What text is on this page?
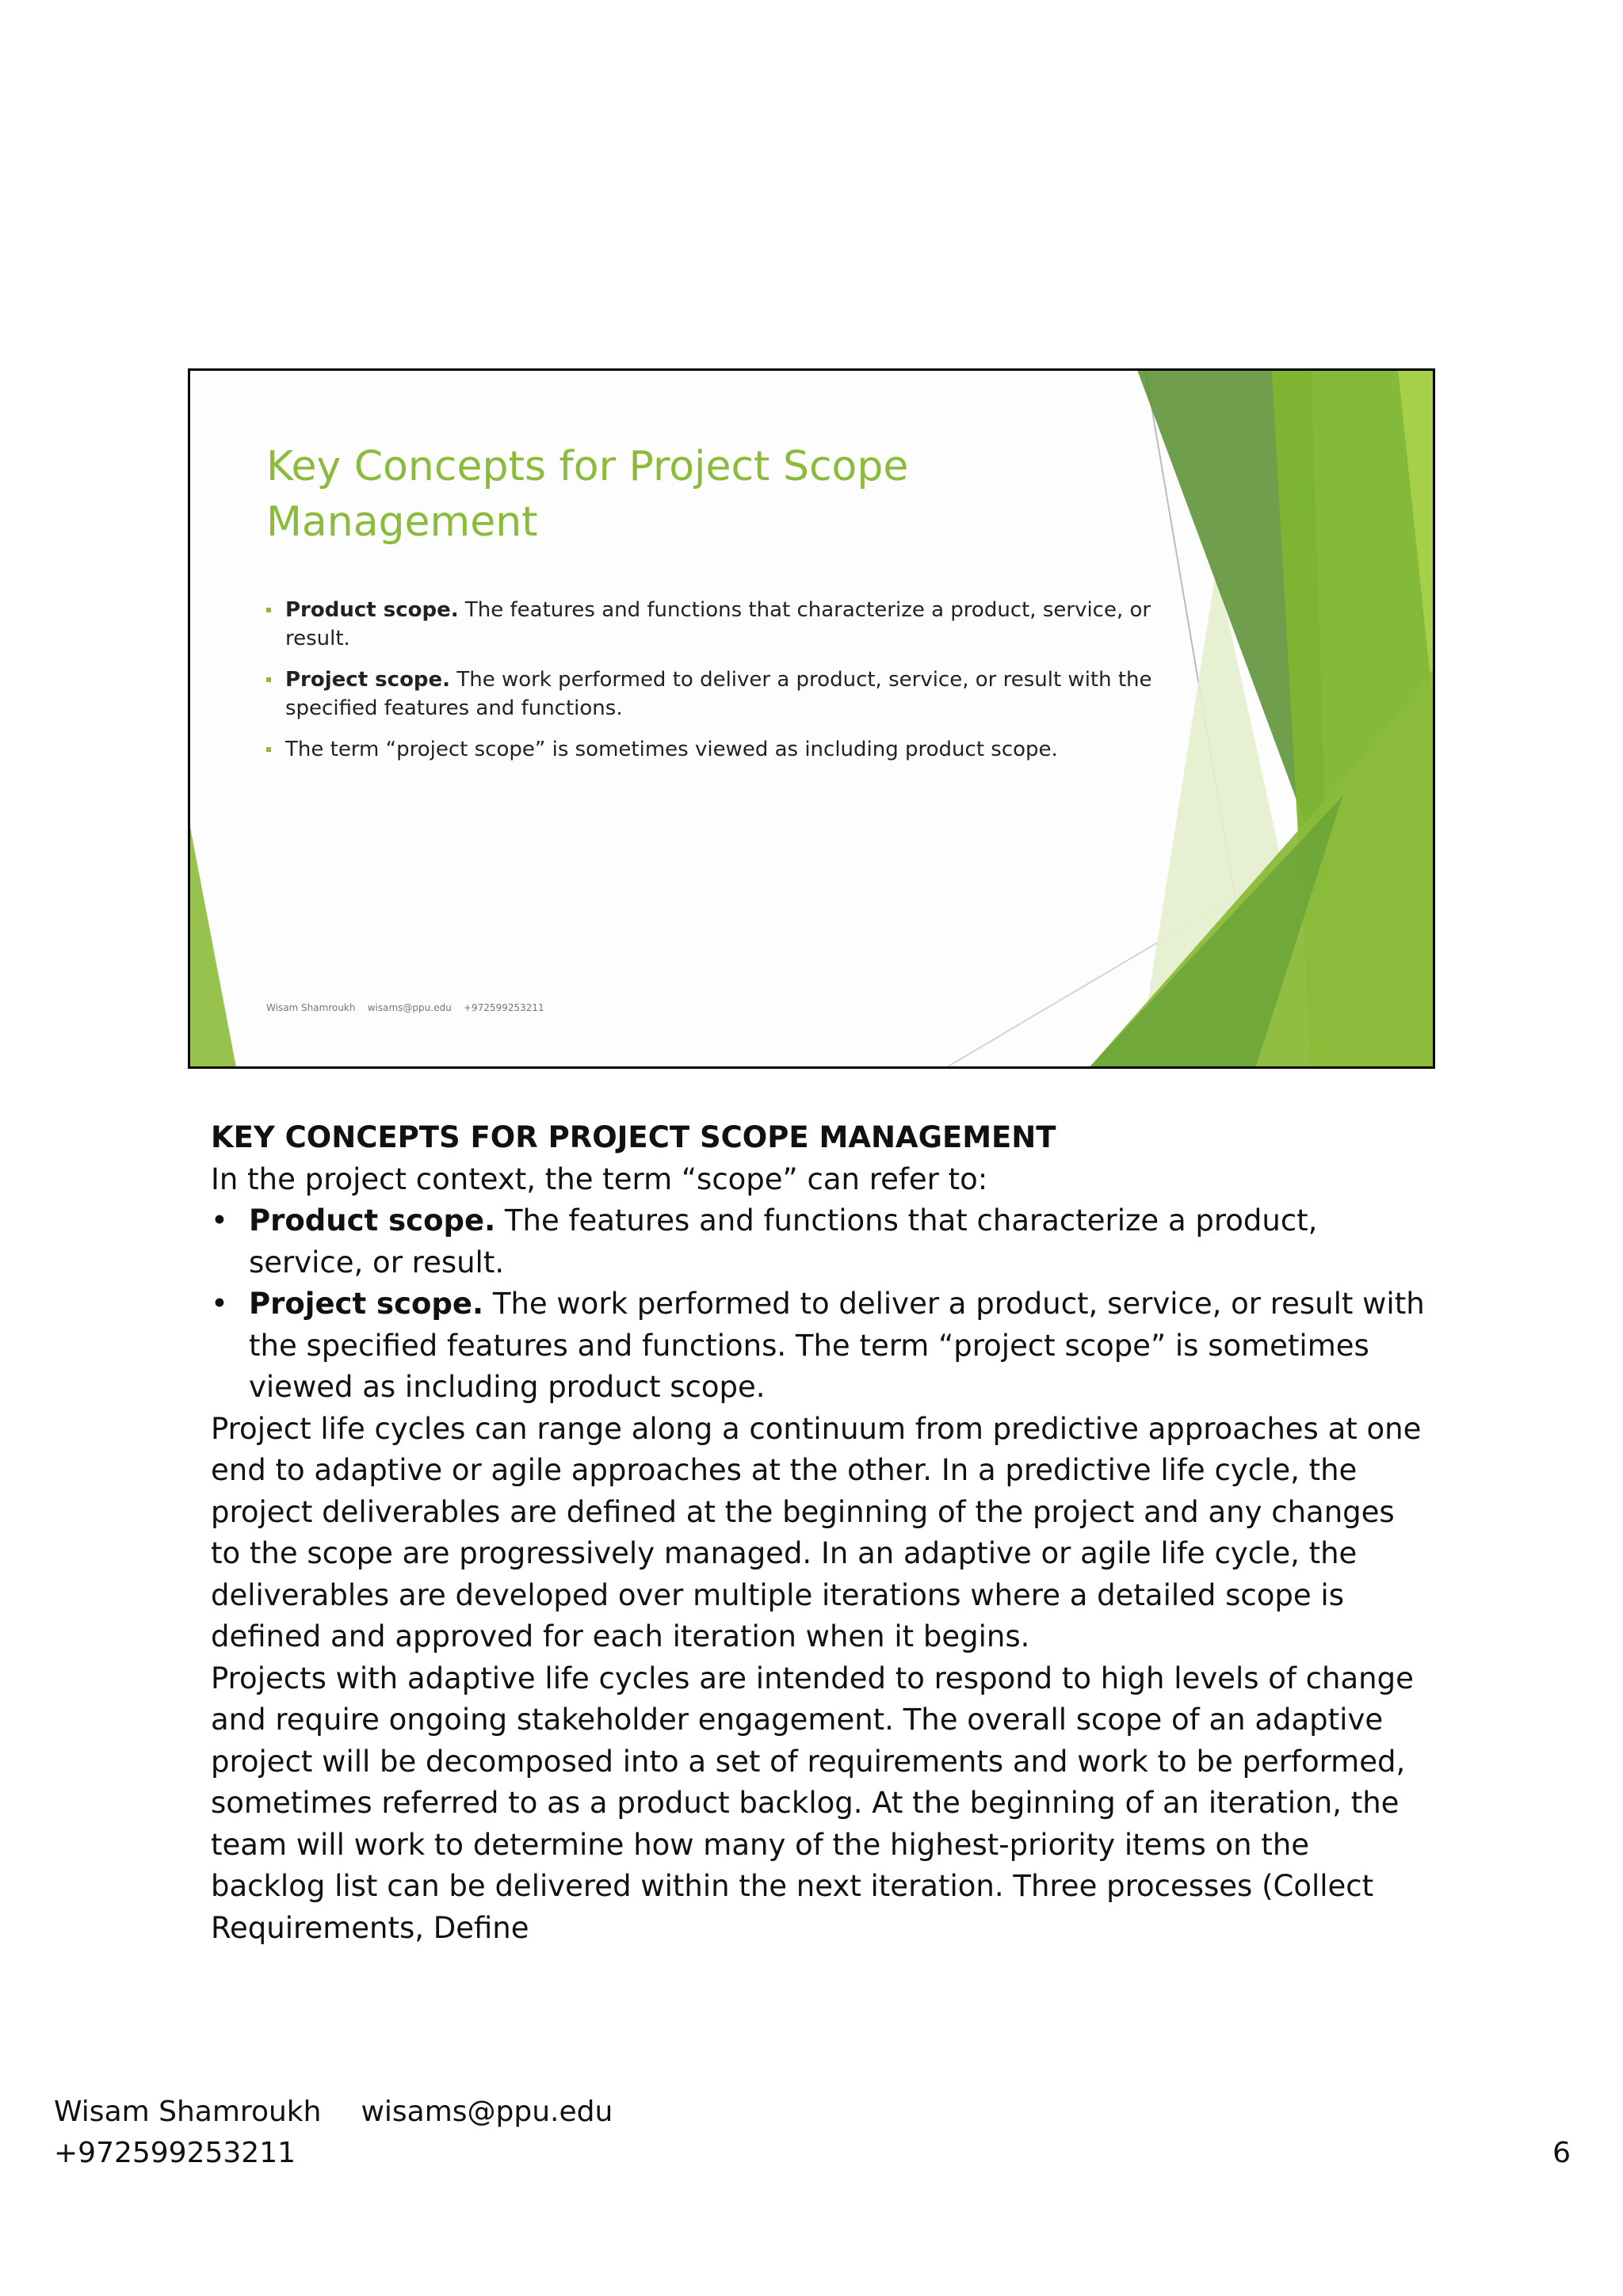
Key Concepts for Project Scope
Management
Product scope. The features and functions that characterize a product, service, or result.
Project scope. The work performed to deliver a product, service, or result with the specified features and functions.
The term “project scope” is sometimes viewed as including product scope.
Wisam Shamroukh    wisams@ppu.edu    +972599253211

KEY CONCEPTS FOR PROJECT SCOPE MANAGEMENT

In the project context, the term “scope” can refer to:

• Product scope. The features and functions that characterize a product, service, or result.
• Project scope. The work performed to deliver a product, service, or result with the specified features and functions. The term “project scope” is sometimes viewed as including product scope.

Project life cycles can range along a continuum from predictive approaches at one end to adaptive or agile approaches at the other. In a predictive life cycle, the project deliverables are defined at the beginning of the project and any changes to the scope are progressively managed. In an adaptive or agile life cycle, the deliverables are developed over multiple iterations where a detailed scope is defined and approved for each iteration when it begins.

Projects with adaptive life cycles are intended to respond to high levels of change and require ongoing stakeholder engagement. The overall scope of an adaptive project will be decomposed into a set of requirements and work to be performed, sometimes referred to as a product backlog. At the beginning of an iteration, the team will work to determine how many of the highest-priority items on the backlog list can be delivered within the next iteration. Three processes (Collect Requirements, Define

Wisam Shamroukh wisams@ppu.edu
+972599253211	6
